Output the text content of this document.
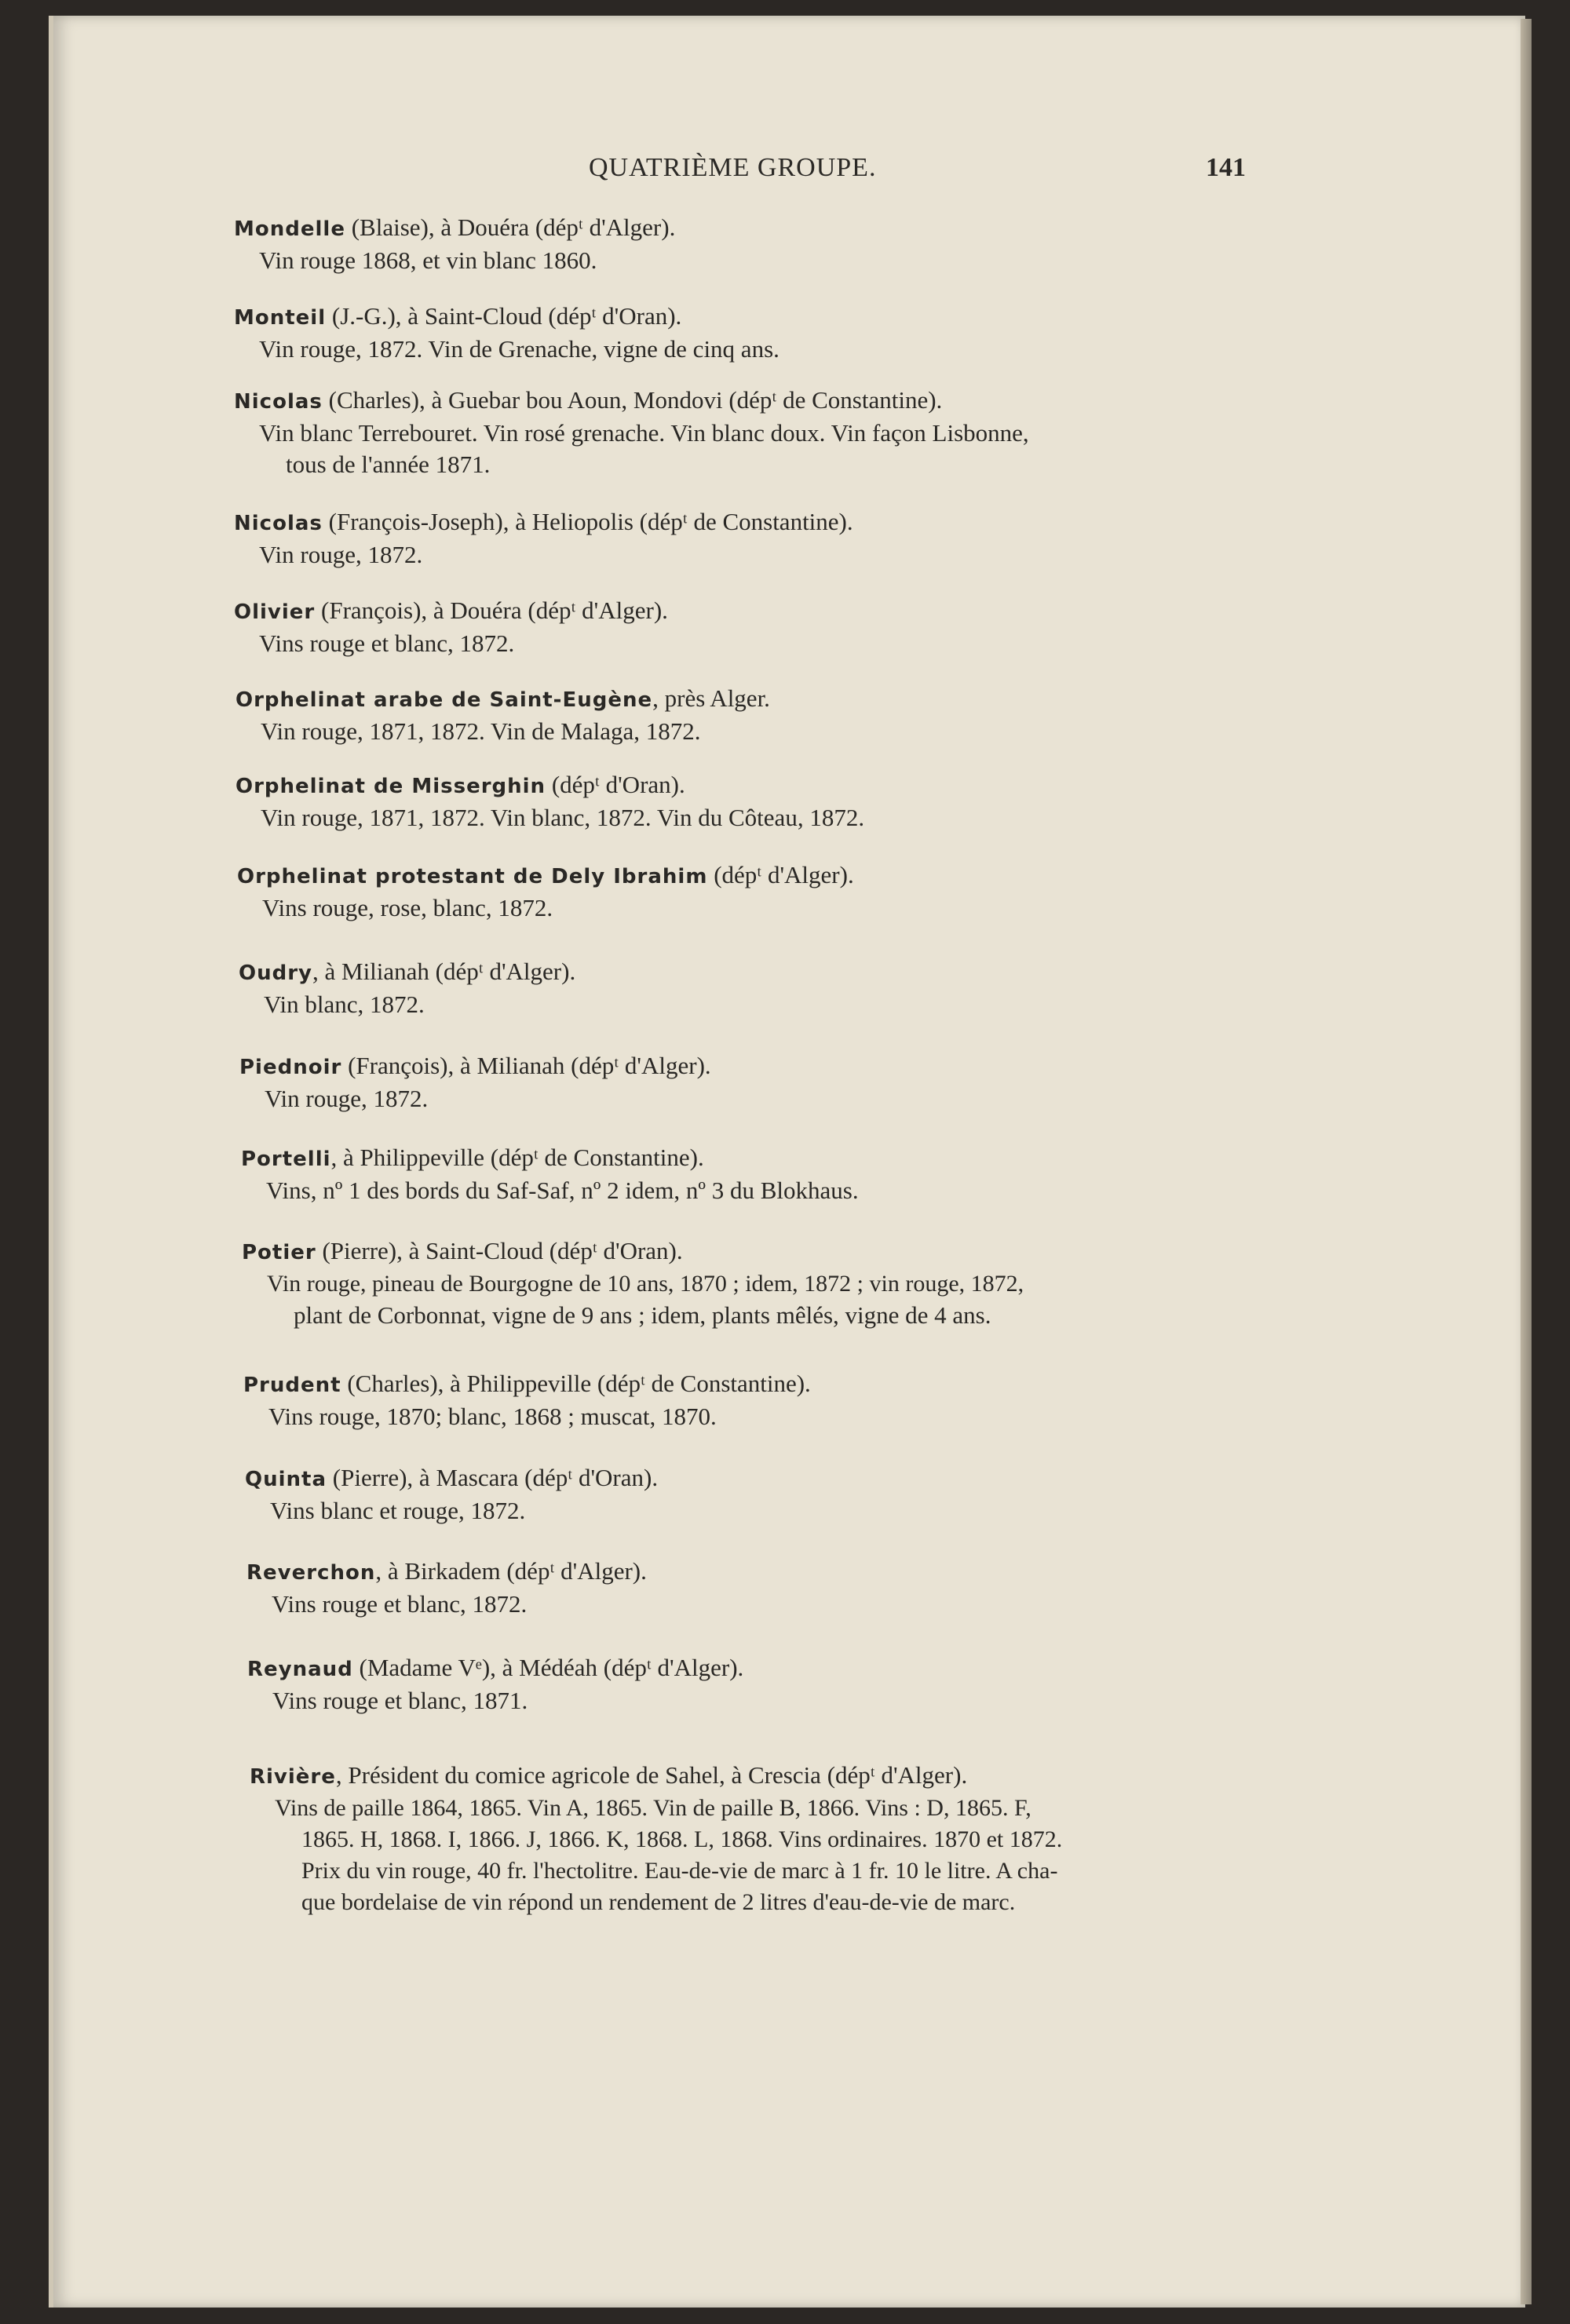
QUATRIÈME GROUPE.	141
Mondelle (Blaise), à Douéra (dépᵗ d'Alger).
Vin rouge 1868, et vin blanc 1860.
Monteil (J.-G.), à Saint-Cloud (dépᵗ d'Oran).
Vin rouge, 1872. Vin de Grenache, vigne de cinq ans.
Nicolas (Charles), à Guebar bou Aoun, Mondovi (dépᵗ de Constantine).
Vin blanc Terrebouret. Vin rosé grenache. Vin blanc doux. Vin façon Lisbonne,
tous de l'année 1871.
Nicolas (François-Joseph), à Heliopolis (dépᵗ de Constantine).
Vin rouge, 1872.
Olivier (François), à Douéra (dépᵗ d'Alger).
Vins rouge et blanc, 1872.
Orphelinat arabe de Saint-Eugène, près Alger.
Vin rouge, 1871, 1872. Vin de Malaga, 1872.
Orphelinat de Misserghin (dépᵗ d'Oran).
Vin rouge, 1871, 1872. Vin blanc, 1872. Vin du Côteau, 1872.
Orphelinat protestant de Dely Ibrahim (dépᵗ d'Alger).
Vins rouge, rose, blanc, 1872.
Oudry, à Milianah (dépᵗ d'Alger).
Vin blanc, 1872.
Piednoir (François), à Milianah (dépᵗ d'Alger).
Vin rouge, 1872.
Portelli, à Philippeville (dépᵗ de Constantine).
Vins, nº 1 des bords du Saf-Saf, nº 2 idem, nº 3 du Blokhaus.
Potier (Pierre), à Saint-Cloud (dépᵗ d'Oran).
Vin rouge, pineau de Bourgogne de 10 ans, 1870 ; idem, 1872 ; vin rouge, 1872,
plant de Corbonnat, vigne de 9 ans ; idem, plants mêlés, vigne de 4 ans.
Prudent (Charles), à Philippeville (dépᵗ de Constantine).
Vins rouge, 1870; blanc, 1868 ; muscat, 1870.
Quinta (Pierre), à Mascara (dépᵗ d'Oran).
Vins blanc et rouge, 1872.
Reverchon, à Birkadem (dépᵗ d'Alger).
Vins rouge et blanc, 1872.
Reynaud (Madame Vᵉ), à Médéah (dépᵗ d'Alger).
Vins rouge et blanc, 1871.
Rivière, Président du comice agricole de Sahel, à Crescia (dépᵗ d'Alger).
Vins de paille 1864, 1865. Vin A, 1865. Vin de paille B, 1866. Vins : D, 1865. F,
1865. H, 1868. I, 1866. J, 1866. K, 1868. L, 1868. Vins ordinaires. 1870 et 1872.
Prix du vin rouge, 40 fr. l'hectolitre. Eau-de-vie de marc à 1 fr. 10 le litre. A cha-
que bordelaise de vin répond un rendement de 2 litres d'eau-de-vie de marc.
